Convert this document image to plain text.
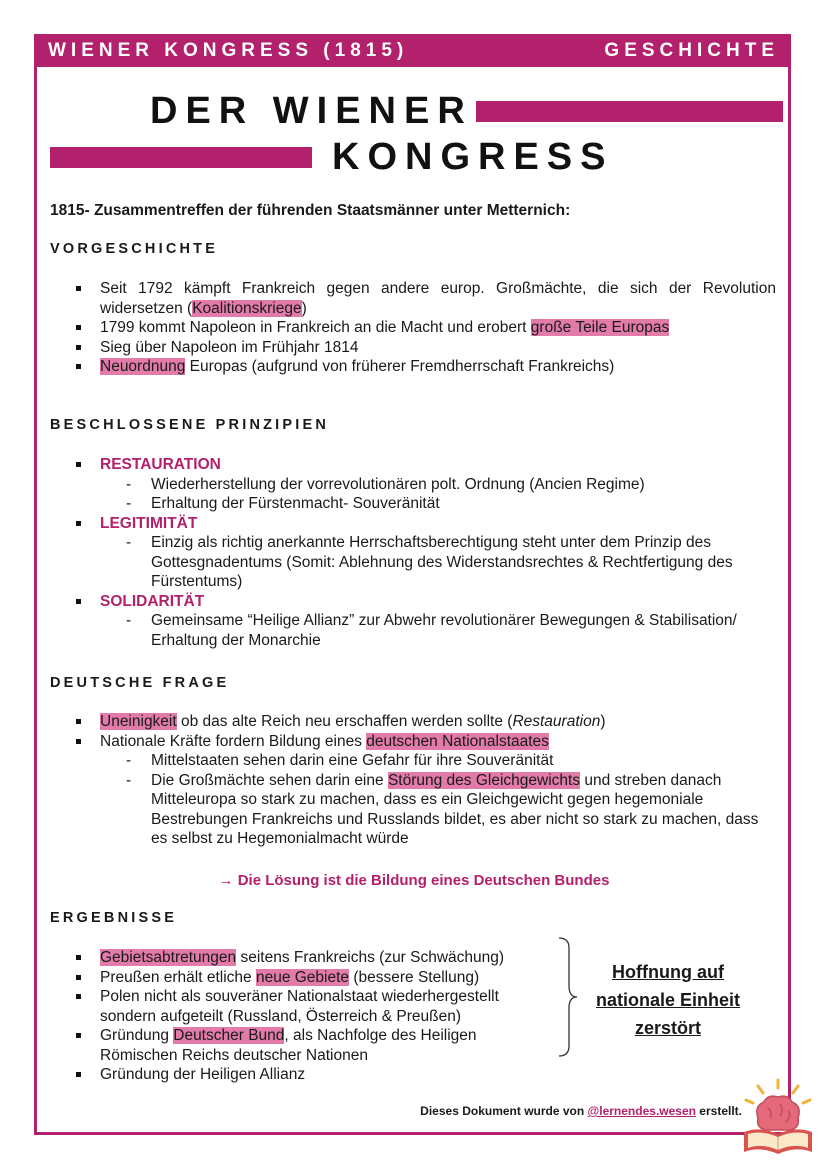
WIENER KONGRESS (1815)	GESCHICHTE
DER WIENER
KONGRESS
1815- Zusammentreffen der führenden Staatsmänner unter Metternich:
VORGESCHICHTE
Seit 1792 kämpft Frankreich gegen andere europ. Großmächte, die sich der Revolution widersetzen (Koalitionskriege)
1799 kommt Napoleon in Frankreich an die Macht und erobert große Teile Europas
Sieg über Napoleon im Frühjahr 1814
Neuordnung Europas (aufgrund von früherer Fremdherrschaft Frankreichs)
BESCHLOSSENE PRINZIPIEN
RESTAURATION
- Wiederherstellung der vorrevolutionären polt. Ordnung (Ancien Regime)
- Erhaltung der Fürstenmacht- Souveränität
LEGITIMITÄT
- Einzig als richtig anerkannte Herrschaftsberechtigung steht unter dem Prinzip des Gottesgnadentums (Somit: Ablehnung des Widerstandsrechtes & Rechtfertigung des Fürstentums)
SOLIDARITÄT
- Gemeinsame “Heilige Allianz” zur Abwehr revolutionärer Bewegungen & Stabilisation/ Erhaltung der Monarchie
DEUTSCHE FRAGE
Uneinigkeit ob das alte Reich neu erschaffen werden sollte (Restauration)
Nationale Kräfte fordern Bildung eines deutschen Nationalstaates
- Mittelstaaten sehen darin eine Gefahr für ihre Souveränität
- Die Großmächte sehen darin eine Störung des Gleichgewichts und streben danach Mitteleuropa so stark zu machen, dass es ein Gleichgewicht gegen hegemoniale Bestrebungen Frankreichs und Russlands bildet, es aber nicht so stark zu machen, dass es selbst zu Hegemonialmacht würde
→ Die Lösung ist die Bildung eines Deutschen Bundes
ERGEBNISSE
Gebietsabtretungen seitens Frankreichs (zur Schwächung)
Preußen erhält etliche neue Gebiete (bessere Stellung)
Polen nicht als souveräner Nationalstaat wiederhergestellt sondern aufgeteilt (Russland, Österreich & Preußen)
Gründung Deutscher Bund, als Nachfolge des Heiligen Römischen Reichs deutscher Nationen
Gründung der Heiligen Allianz
Hoffnung auf
nationale Einheit
zerstört
Dieses Dokument wurde von @lernendes.wesen erstellt.
